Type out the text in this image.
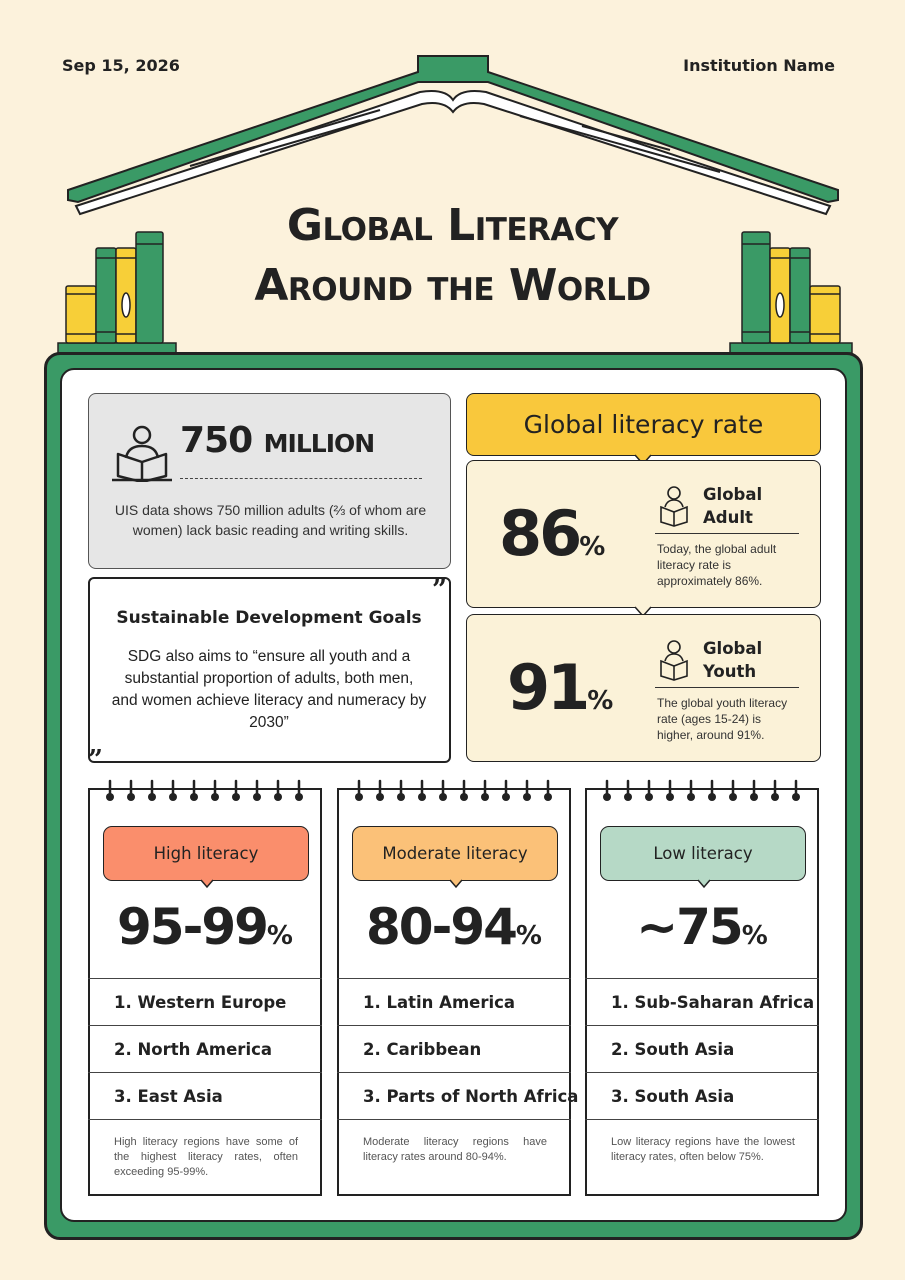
Sep 15, 2026	Institution Name
Global Literacy
Around the World
750 million
UIS data shows 750 million adults (⅔ of whom are women) lack basic reading and writing skills.
”
”
Sustainable Development Goals
SDG also aims to “ensure all youth and a substantial proportion of adults, both men, and women achieve literacy and numeracy by 2030”
Global literacy rate
86%
Global
Adult
Today, the global adult literacy rate is approximately 86%.
91%
Global
Youth
The global youth literacy rate (ages 15-24) is higher, around 91%.
High literacy
95-99%
1. Western Europe
2. North America
3. East Asia
High literacy regions have some of the highest literacy rates, often exceeding 95-99%.
Moderate literacy
80-94%
1. Latin America
2. Caribbean
3. Parts of North Africa
Moderate literacy regions have literacy rates around 80-94%.
Low literacy
~75%
1. Sub-Saharan Africa
2. South Asia
3. South Asia
Low literacy regions have the lowest literacy rates, often below 75%.
